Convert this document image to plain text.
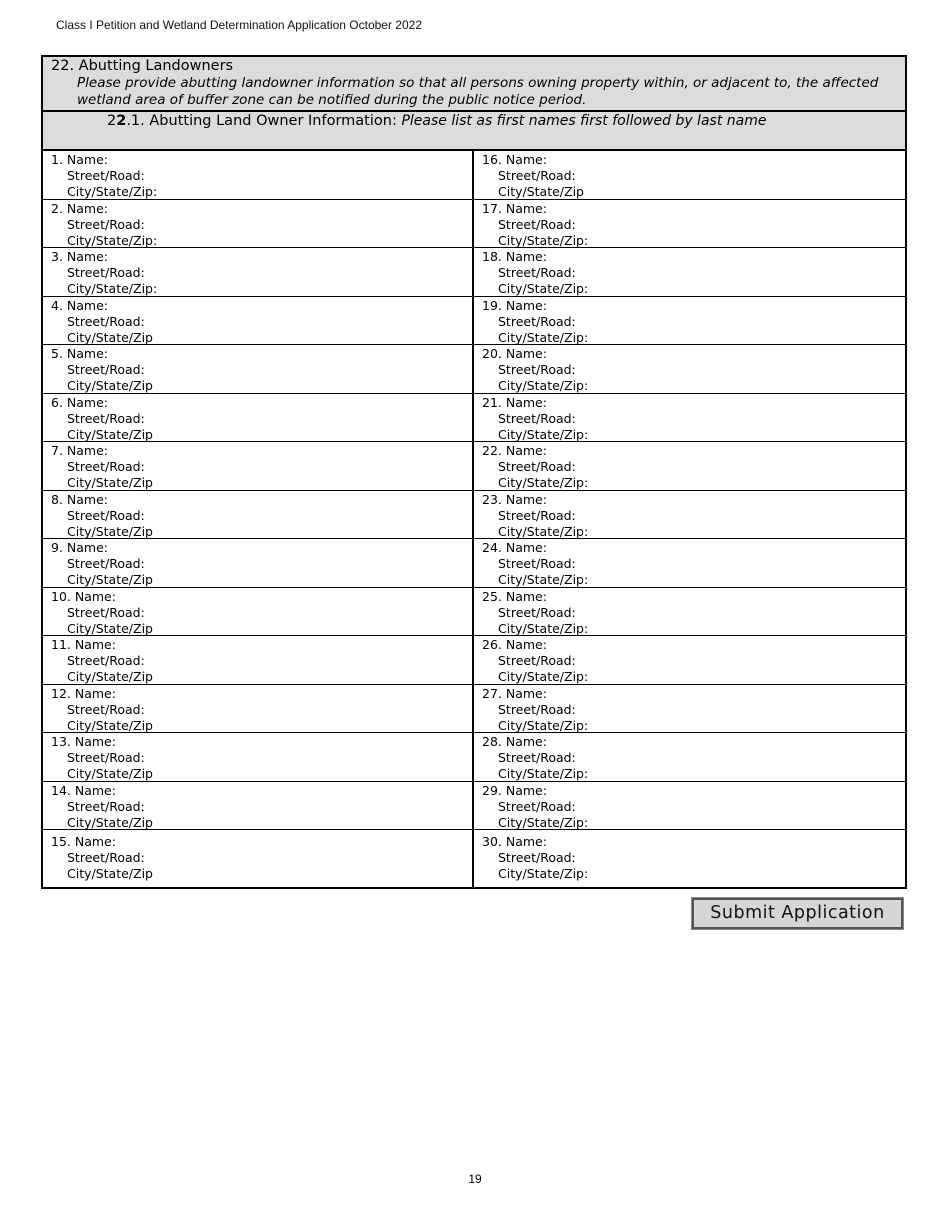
Class I Petition and Wetland Determination Application October 2022
22. Abutting Landowners
Please provide abutting landowner information so that all persons owning property within, or adjacent to, the affected wetland area of buffer zone can be notified during the public notice period.
22.1. Abutting Land Owner Information: Please list as first names first followed by last name
1. Name:
Street/Road:
City/State/Zip:
2. Name:
Street/Road:
City/State/Zip:
3. Name:
Street/Road:
City/State/Zip:
4. Name:
Street/Road:
City/State/Zip
5. Name:
Street/Road:
City/State/Zip
6. Name:
Street/Road:
City/State/Zip
7. Name:
Street/Road:
City/State/Zip
8. Name:
Street/Road:
City/State/Zip
9. Name:
Street/Road:
City/State/Zip
10. Name:
Street/Road:
City/State/Zip
11. Name:
Street/Road:
City/State/Zip
12. Name:
Street/Road:
City/State/Zip
13. Name:
Street/Road:
City/State/Zip
14. Name:
Street/Road:
City/State/Zip
15. Name:
Street/Road:
City/State/Zip
16. Name:
Street/Road:
City/State/Zip
17. Name:
Street/Road:
City/State/Zip:
18. Name:
Street/Road:
City/State/Zip:
19. Name:
Street/Road:
City/State/Zip:
20. Name:
Street/Road:
City/State/Zip:
21. Name:
Street/Road:
City/State/Zip:
22. Name:
Street/Road:
City/State/Zip:
23. Name:
Street/Road:
City/State/Zip:
24. Name:
Street/Road:
City/State/Zip:
25. Name:
Street/Road:
City/State/Zip:
26. Name:
Street/Road:
City/State/Zip:
27. Name:
Street/Road:
City/State/Zip:
28. Name:
Street/Road:
City/State/Zip:
29. Name:
Street/Road:
City/State/Zip:
30. Name:
Street/Road:
City/State/Zip:
Submit Application
19
